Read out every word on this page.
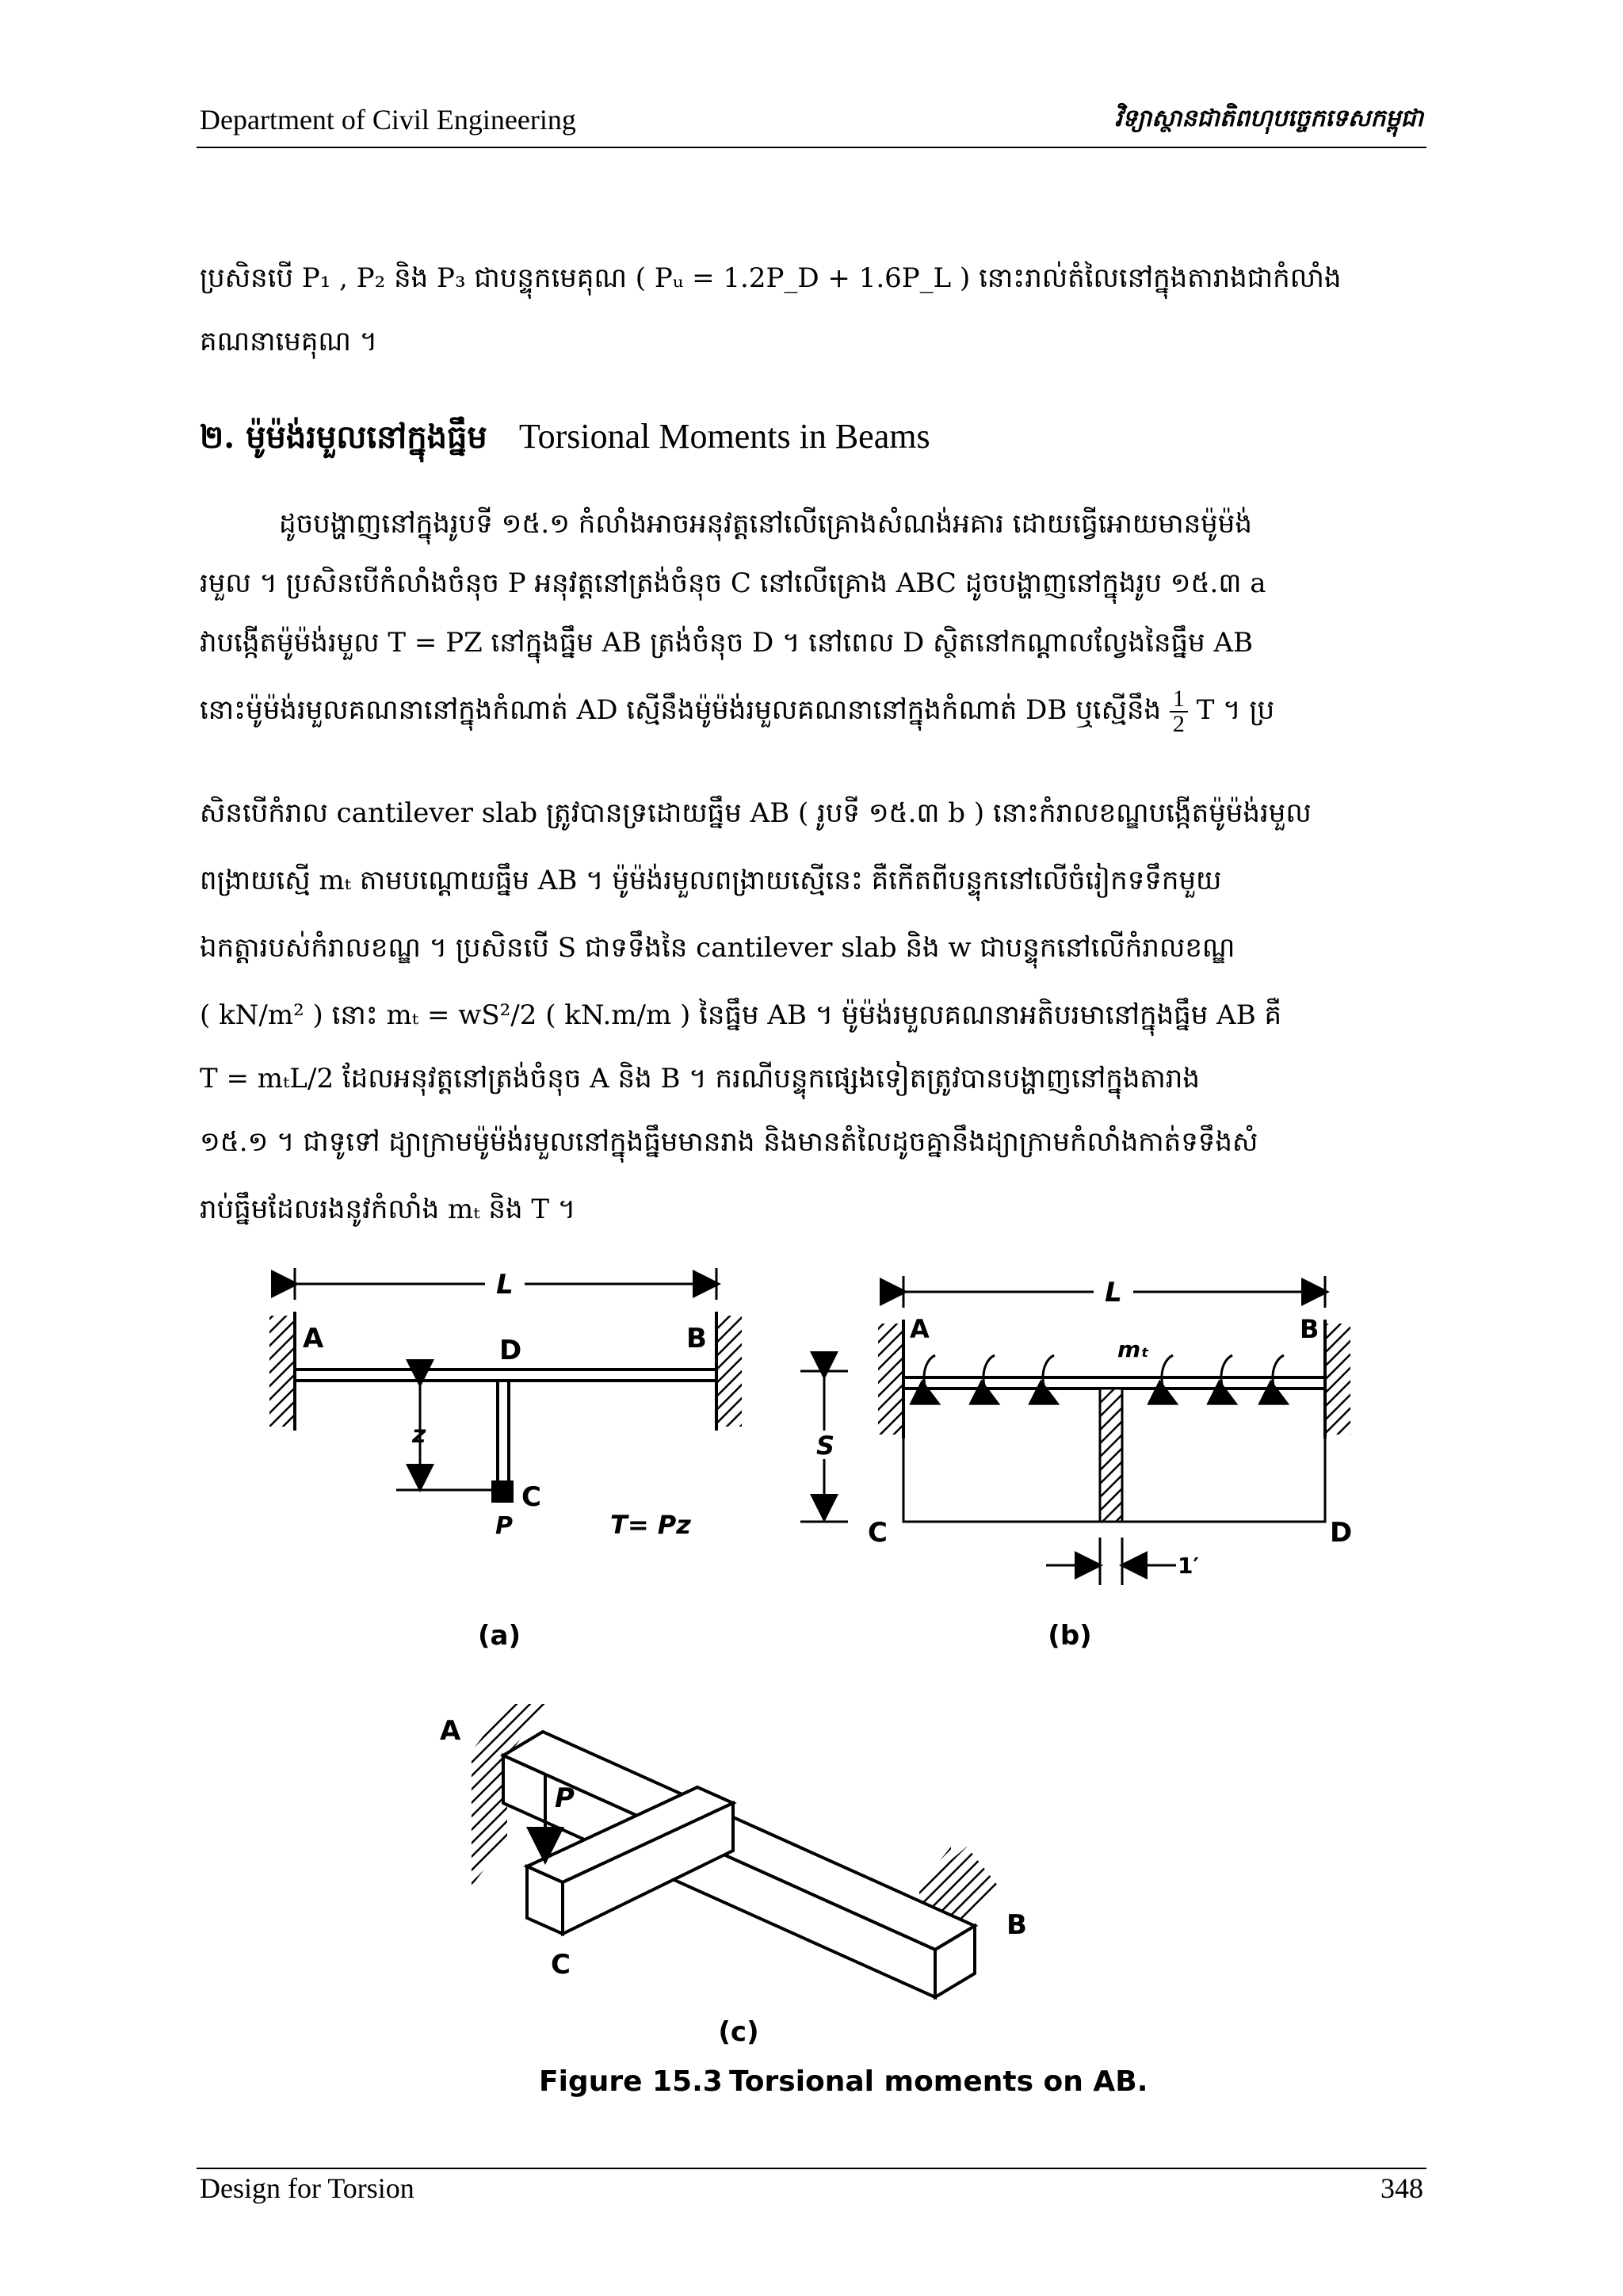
Department of Civil Engineering	វិទ្យាស្ថានជាតិពហុបច្ចេកទេសកម្ពុជា
ប្រសិនបើ P₁ , P₂ និង P₃ ជាបន្ទុកមេគុណ ( Pᵤ = 1.2P_D + 1.6P_L ) នោះរាល់តំលៃនៅក្នុងតារាងជាកំលាំង
គណនាមេគុណ ។
២. ម៉ូម៉ង់រមួលនៅក្នុងធ្នឹម Torsional Moments in Beams
ដូចបង្ហាញនៅក្នុងរូបទី ១៥.១ កំលាំងអាចអនុវត្តនៅលើគ្រោងសំណង់អគារ ដោយធ្វើអោយមានម៉ូម៉ង់
រមួល ។ ប្រសិនបើកំលាំងចំនុច P អនុវត្តនៅត្រង់ចំនុច C នៅលើគ្រោង ABC ដូចបង្ហាញនៅក្នុងរូប ១៥.៣ a
វាបង្កើតម៉ូម៉ង់រមួល T = PZ នៅក្នុងធ្នឹម AB ត្រង់ចំនុច D ។ នៅពេល D ស្ថិតនៅកណ្តាលល្វែងនៃធ្នឹម AB
នោះម៉ូម៉ង់រមួលគណនានៅក្នុងកំណាត់ AD ស្មើនឹងម៉ូម៉ង់រមួលគណនានៅក្នុងកំណាត់ DB ឬស្មើនឹង $\frac{1}{2}$ T ។ ប្រ
សិនបើកំរាល cantilever slab ត្រូវបានទ្រដោយធ្នឹម AB ( រូបទី ១៥.៣ b ) នោះកំរាលខណ្ឌបង្កើតម៉ូម៉ង់រមួល
ពង្រាយស្មើ mₜ តាមបណ្តោយធ្នឹម AB ។ ម៉ូម៉ង់រមួលពង្រាយស្មើនេះ គឺកើតពីបន្ទុកនៅលើចំរៀកទទឹកមួយ
ឯកត្តារបស់កំរាលខណ្ឌ ។ ប្រសិនបើ S ជាទទឹងនៃ cantilever slab និង w ជាបន្ទុកនៅលើកំរាលខណ្ឌ
( kN/m² ) នោះ mₜ = wS²/2 ( kN.m/m ) នៃធ្នឹម AB ។ ម៉ូម៉ង់រមួលគណនាអតិបរមានៅក្នុងធ្នឹម AB គឺ
T = mₜL/2 ដែលអនុវត្តនៅត្រង់ចំនុច A និង B ។ ករណីបន្ទុកផ្សេងទៀតត្រូវបានបង្ហាញនៅក្នុងតារាង
១៥.១ ។ ជាទូទៅ ដ្យាក្រាមម៉ូម៉ង់រមួលនៅក្នុងធ្នឹមមានរាង និងមានតំលៃដូចគ្នានឹងដ្យាក្រាមកំលាំងកាត់ទទឹងសំ
រាប់ធ្នឹមដែលរងនូវកំលាំង mₜ និង T ។
L
A	B
D
C
P
z
T= Pz
(a)
L
A	B
mₜ
S
C	D
1′
(b)
P
A
B
C
(c)
Figure 15.3 Torsional moments on AB.
Design for Torsion	348
